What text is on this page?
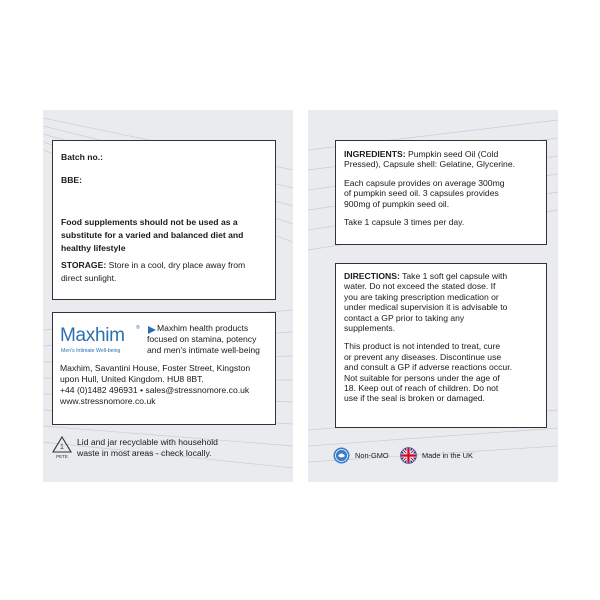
Batch no.:
BBE:
Food supplements should not be used as a
substitute for a varied and balanced diet and
healthy lifestyle
STORAGE: Store in a cool, dry place away from
direct sunlight.
Maxhim ®
Men's Intimate Well-being
Maxhim health products
focused on stamina, potency
and men's intimate well-being
Maxhim, Savantini House, Foster Street, Kingston
upon Hull, United Kingdom. HU8 8BT.
+44 (0)1482 496931 • sales@stressnomore.co.uk
www.stressnomore.co.uk
1
PETE
Lid and jar recyclable with household
waste in most areas - check locally.

INGREDIENTS: Pumpkin seed Oil (Cold
Pressed), Capsule shell: Gelatine, Glycerine.

Each capsule provides on average 300mg
of pumpkin seed oil. 3 capsules provides
900mg of pumpkin seed oil.

Take 1 capsule 3 times per day.

DIRECTIONS: Take 1 soft gel capsule with
water. Do not exceed the stated dose. If
you are taking prescription medication or
under medical supervision it is advisable to
contact a GP prior to taking any
supplements.

This product is not intended to treat, cure
or prevent any diseases. Discontinue use
and consult a GP if adverse reactions occur.
Not suitable for persons under the age of
18. Keep out of reach of children. Do not
use if the seal is broken or damaged.

Non-GMO	Made in the UK
